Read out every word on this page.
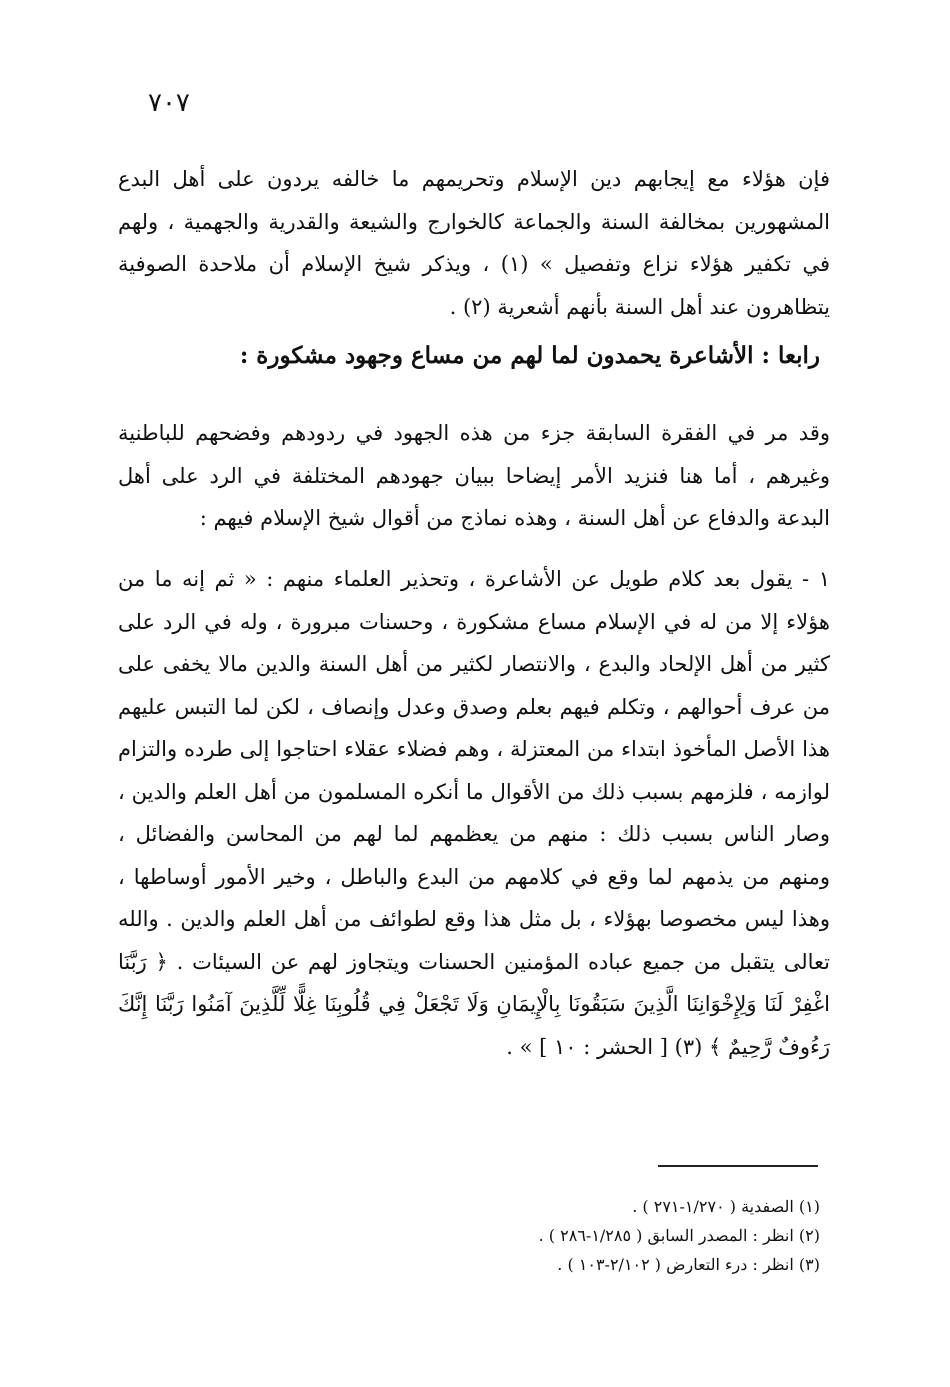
٧٠٧
فإن هؤلاء مع إيجابهم دين الإسلام وتحريمهم ما خالفه يردون على أهل البدع المشهورين بمخالفة السنة والجماعة كالخوارج والشيعة والقدرية والجهمية ، ولهم في تكفير هؤلاء نزاع وتفصيل » (١) ، ويذكر شيخ الإسلام أن ملاحدة الصوفية يتظاهرون عند أهل السنة بأنهم أشعرية (٢) .
رابعا : الأشاعرة يحمدون لما لهم من مساع وجهود مشكورة :
وقد مر في الفقرة السابقة جزء من هذه الجهود في ردودهم وفضحهم للباطنية وغيرهم ، أما هنا فنزيد الأمر إيضاحا ببيان جهودهم المختلفة في الرد على أهل البدعة والدفاع عن أهل السنة ، وهذه نماذج من أقوال شيخ الإسلام فيهم :
١ - يقول بعد كلام طويل عن الأشاعرة ، وتحذير العلماء منهم : « ثم إنه ما من هؤلاء إلا من له في الإسلام مساع مشكورة ، وحسنات مبرورة ، وله في الرد على كثير من أهل الإلحاد والبدع ، والانتصار لكثير من أهل السنة والدين مالا يخفى على من عرف أحوالهم ، وتكلم فيهم بعلم وصدق وعدل وإنصاف ، لكن لما التبس عليهم هذا الأصل المأخوذ ابتداء من المعتزلة ، وهم فضلاء عقلاء احتاجوا إلى طرده والتزام لوازمه ، فلزمهم بسبب ذلك من الأقوال ما أنكره المسلمون من أهل العلم والدين ، وصار الناس بسبب ذلك : منهم من يعظمهم لما لهم من المحاسن والفضائل ، ومنهم من يذمهم لما وقع في كلامهم من البدع والباطل ، وخير الأمور أوساطها ، وهذا ليس مخصوصا بهؤلاء ، بل مثل هذا وقع لطوائف من أهل العلم والدين . والله تعالى يتقبل من جميع عباده المؤمنين الحسنات ويتجاوز لهم عن السيئات . ﴿ رَبَّنَا اغْفِرْ لَنَا وَلِإِخْوَانِنَا الَّذِينَ سَبَقُونَا بِالْإِيمَانِ وَلَا تَجْعَلْ فِي قُلُوبِنَا غِلًّا لِّلَّذِينَ آمَنُوا رَبَّنَا إِنَّكَ رَءُوفٌ رَّحِيمٌ ﴾ (٣) [ الحشر : ١٠ ] » .
(١) الصفدية ( ١/٢٧٠-٢٧١ ) .
(٢) انظر : المصدر السابق ( ١/٢٨٥-٢٨٦ ) .
(٣) انظر : درء التعارض ( ٢/١٠٢-١٠٣ ) .
